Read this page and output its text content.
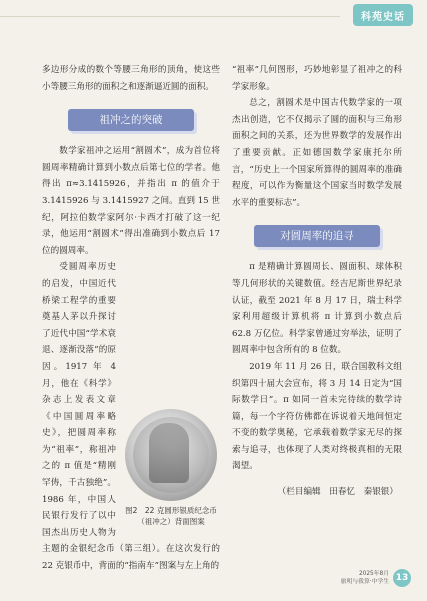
科苑史话

多边形分成的数个等腰三角形的顶角，使这些小等腰三角形的面积之和逐渐逼近圆的面积。

祖冲之的突破

数学家祖冲之运用“割圆术”，成为首位将圆周率精确计算到小数点后第七位的学者。他得出 π≈3.1415926，并指出 π 的值介于 3.1415926 与 3.1415927 之间。直到 15 世纪，阿拉伯数学家阿尔·卡西才打破了这一纪录，他运用“割圆术”得出准确到小数点后 17 位的圆周率。

图2　22 克圆形银质纪念币（祖冲之）背面图案

受圆周率历史的启发，中国近代桥梁工程学的重要奠基人茅以升探讨了近代中国“学术衰退、逐渐没落”的原因。1917 年 4 月，他在《科学》杂志上发表文章《中国圆周率略史》，把圆周率称为“祖率”，称祖冲之的 π 值是“精刚罕俦，千古独绝”。1986 年，中国人民银行发行了以中国杰出历史人物为主题的金银纪念币（第三组）。在这次发行的 22 克银币中，背面的“指南车”图案与左上角的

“祖率”几何图形，巧妙地彰显了祖冲之的科学家形象。

总之，割圆术是中国古代数学家的一项杰出创造，它不仅揭示了圆的面积与三角形面积之间的关系，还为世界数学的发展作出了重要贡献。正如德国数学家康托尔所言，“历史上一个国家所算得的圆周率的准确程度，可以作为衡量这个国家当时数学发展水平的重要标志”。

对圆周率的追寻

π 是精确计算圆周长、圆面积、球体积等几何形状的关键数值。经吉尼斯世界纪录认证，截至 2021 年 8 月 17 日，瑞士科学家利用超级计算机将 π 计算到小数点后 62.8 万亿位。科学家曾通过穷举法，证明了圆周率中包含所有的 8 位数。

2019 年 11 月 26 日，联合国教科文组织第四十届大会宣布，将 3 月 14 日定为“国际数学日”。π 如同一首未完待续的数学诗篇，每一个字符仿佛都在诉说着天地间恒定不变的数学奥秘，它承载着数学家无尽的探索与追寻，也体现了人类对终极真相的无限渴望。

（栏目编辑　田春忆　秦银银）
2025年8月
旅明与我算·中学生 13
